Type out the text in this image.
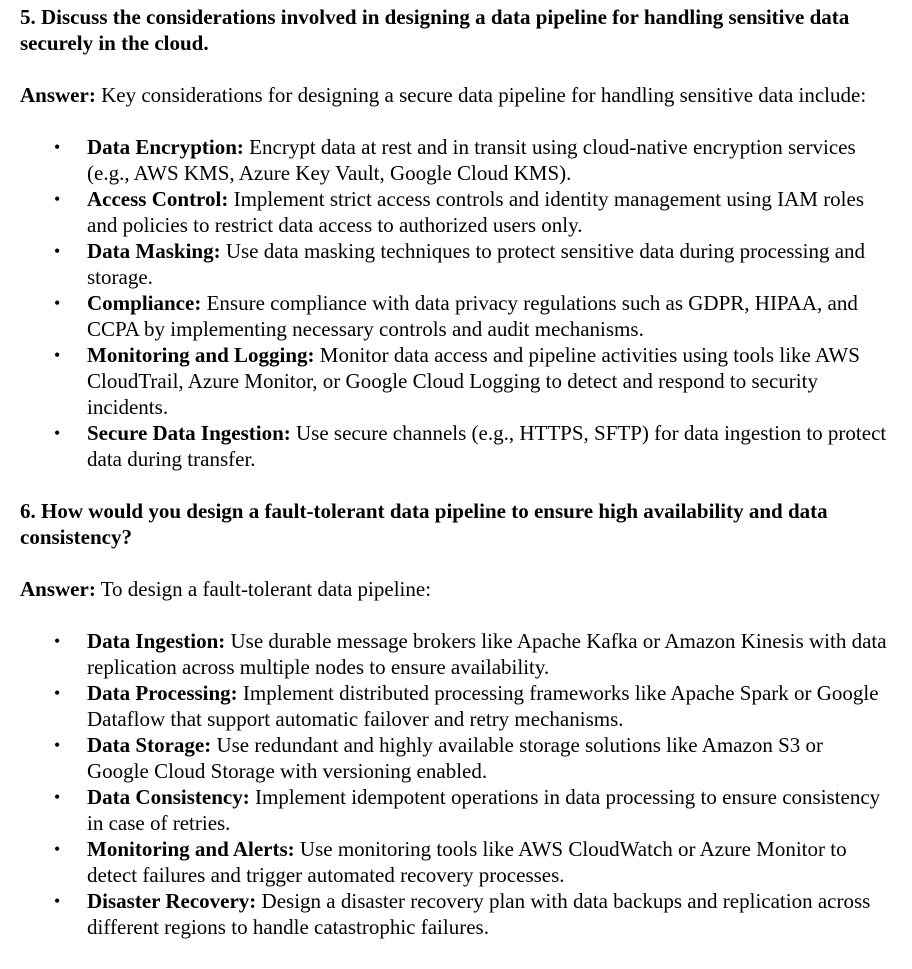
5. Discuss the considerations involved in designing a data pipeline for handling sensitive data securely in the cloud.

Answer: Key considerations for designing a secure data pipeline for handling sensitive data include:

• Data Encryption: Encrypt data at rest and in transit using cloud-native encryption services (e.g., AWS KMS, Azure Key Vault, Google Cloud KMS).
• Access Control: Implement strict access controls and identity management using IAM roles and policies to restrict data access to authorized users only.
• Data Masking: Use data masking techniques to protect sensitive data during processing and storage.
• Compliance: Ensure compliance with data privacy regulations such as GDPR, HIPAA, and CCPA by implementing necessary controls and audit mechanisms.
• Monitoring and Logging: Monitor data access and pipeline activities using tools like AWS CloudTrail, Azure Monitor, or Google Cloud Logging to detect and respond to security incidents.
• Secure Data Ingestion: Use secure channels (e.g., HTTPS, SFTP) for data ingestion to protect data during transfer.

6. How would you design a fault-tolerant data pipeline to ensure high availability and data consistency?

Answer: To design a fault-tolerant data pipeline:

• Data Ingestion: Use durable message brokers like Apache Kafka or Amazon Kinesis with data replication across multiple nodes to ensure availability.
• Data Processing: Implement distributed processing frameworks like Apache Spark or Google Dataflow that support automatic failover and retry mechanisms.
• Data Storage: Use redundant and highly available storage solutions like Amazon S3 or Google Cloud Storage with versioning enabled.
• Data Consistency: Implement idempotent operations in data processing to ensure consistency in case of retries.
• Monitoring and Alerts: Use monitoring tools like AWS CloudWatch or Azure Monitor to detect failures and trigger automated recovery processes.
• Disaster Recovery: Design a disaster recovery plan with data backups and replication across different regions to handle catastrophic failures.
